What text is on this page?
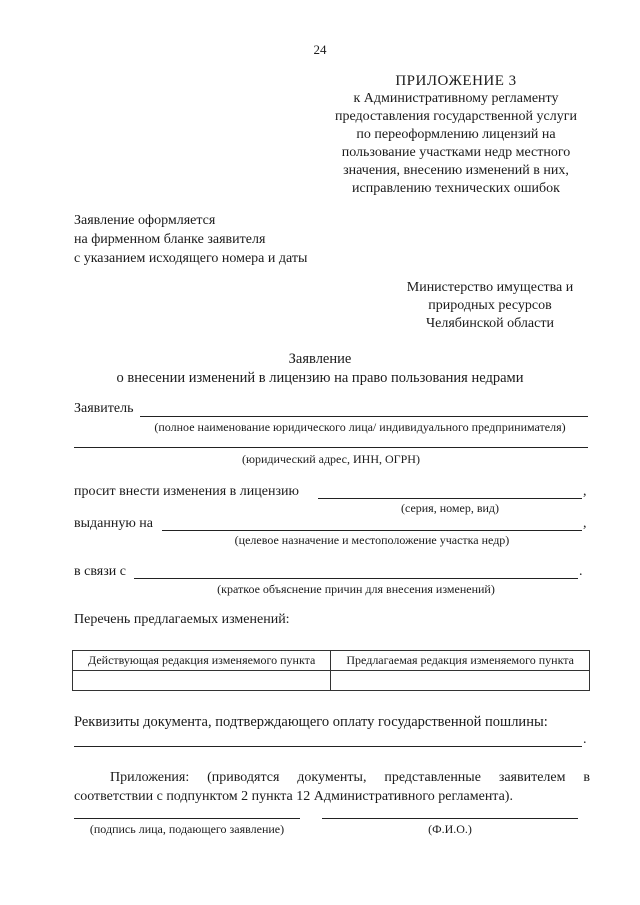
24
ПРИЛОЖЕНИЕ 3
к Административному регламенту
предоставления государственной услуги
по переоформлению лицензий на
пользование участками недр местного
значения, внесению изменений в них,
исправлению технических ошибок
Заявление оформляется
на фирменном бланке заявителя
с указанием исходящего номера и даты
Министерство имущества и
природных ресурсов
Челябинской области
Заявление
о внесении изменений в лицензию на право пользования недрами
Заявитель
(полное наименование юридического лица/ индивидуального предпринимателя)
(юридический адрес, ИНН, ОГРН)
просит внести изменения в лицензию	,
(серия, номер, вид)
выданную на	,
(целевое назначение и местоположение участка недр)
в связи с	.
(краткое объяснение причин для внесения изменений)
Перечень предлагаемых изменений:
Действующая редакция изменяемого пункта	Предлагаемая редакция изменяемого пункта

Реквизиты документа, подтверждающего оплату государственной пошлины:
.
Приложения: (приводятся документы, представленные заявителем в
соответствии с подпунктом 2 пункта 12 Административного регламента).
(подпись лица, подающего заявление)	(Ф.И.О.)
